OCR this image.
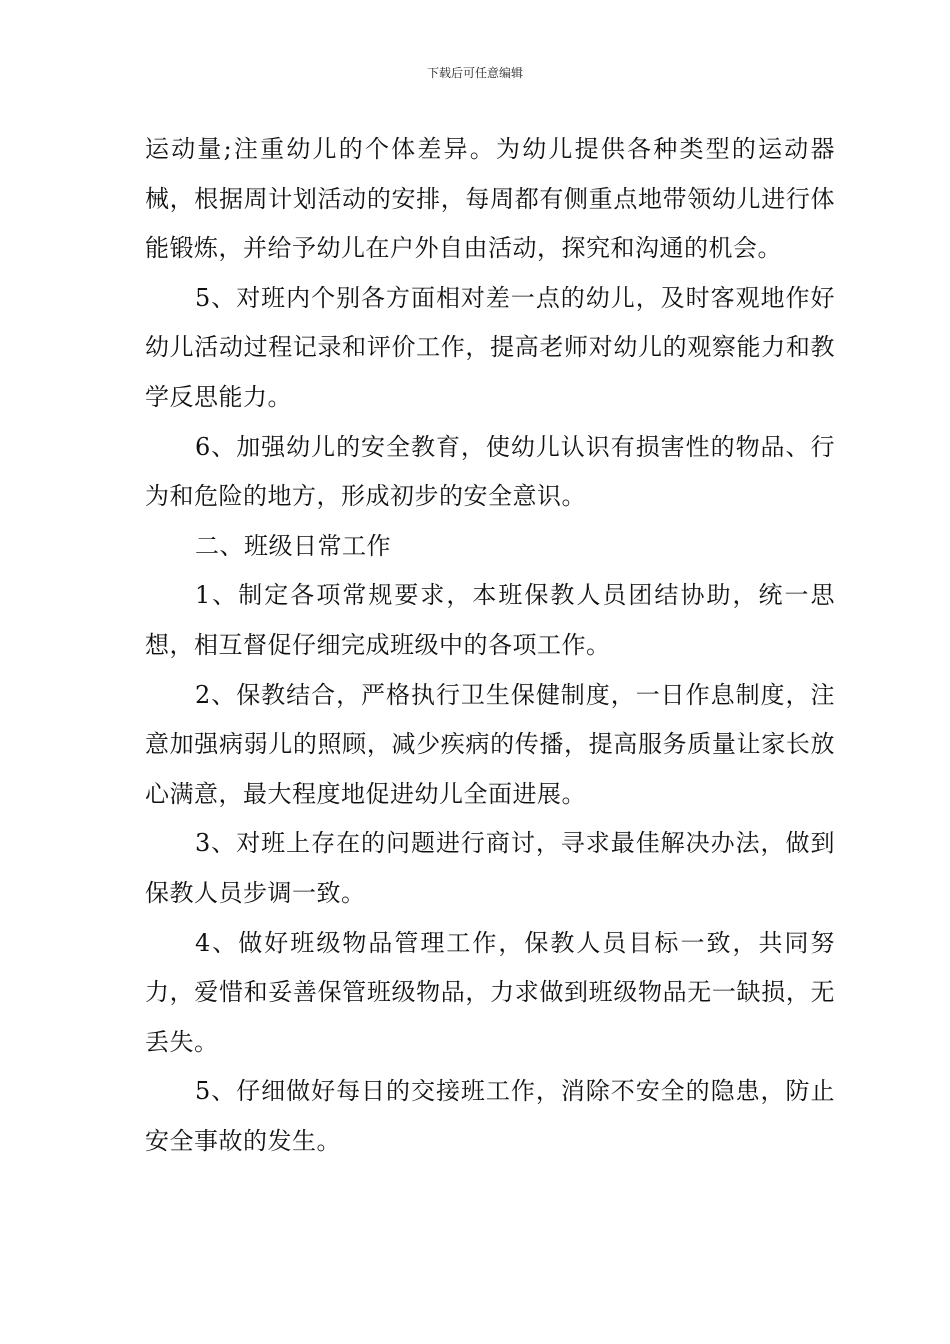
下载后可任意编辑

运动量;注重幼儿的个体差异。为幼儿提供各种类型的运动器械，根据周计划活动的安排，每周都有侧重点地带领幼儿进行体能锻炼，并给予幼儿在户外自由活动，探究和沟通的机会。

5、对班内个别各方面相对差一点的幼儿，及时客观地作好幼儿活动过程记录和评价工作，提高老师对幼儿的观察能力和教学反思能力。

6、加强幼儿的安全教育，使幼儿认识有损害性的物品、行为和危险的地方，形成初步的安全意识。

二、班级日常工作

1、制定各项常规要求，本班保教人员团结协助，统一思想，相互督促仔细完成班级中的各项工作。

2、保教结合，严格执行卫生保健制度，一日作息制度，注意加强病弱儿的照顾，减少疾病的传播，提高服务质量让家长放心满意，最大程度地促进幼儿全面进展。

3、对班上存在的问题进行商讨，寻求最佳解决办法，做到保教人员步调一致。

4、做好班级物品管理工作，保教人员目标一致，共同努力，爱惜和妥善保管班级物品，力求做到班级物品无一缺损，无丢失。

5、仔细做好每日的交接班工作，消除不安全的隐患，防止安全事故的发生。
